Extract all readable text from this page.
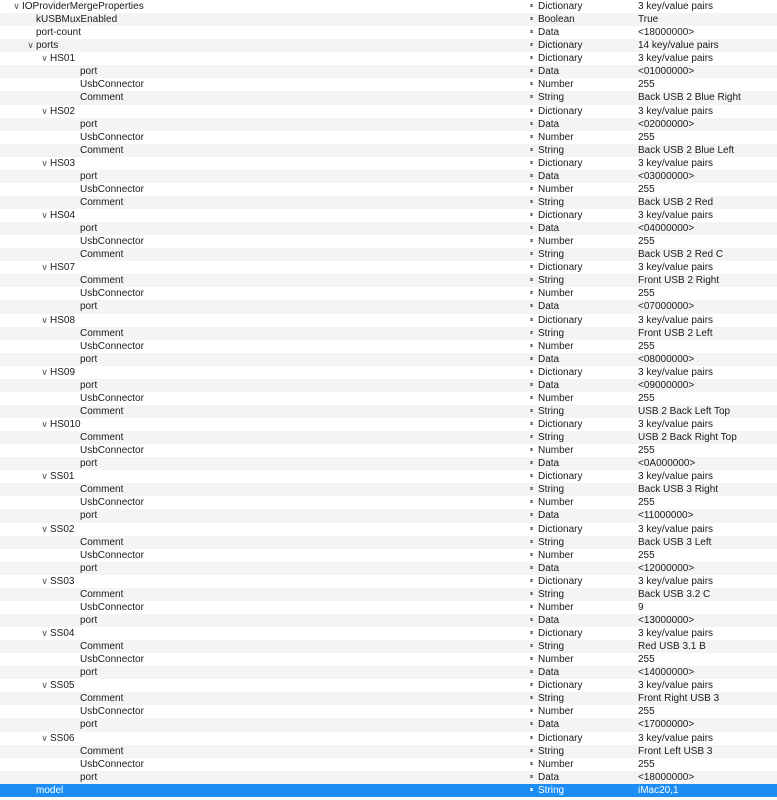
∨ IOProviderMergeProperties	▴▾ Dictionary	3 key/value pairs
kUSBMuxEnabled	▴▾ Boolean	True
port-count	▴▾ Data	<18000000>
∨ ports	▴▾ Dictionary	14 key/value pairs
∨ HS01	▴▾ Dictionary	3 key/value pairs
port	▴▾ Data	<01000000>
UsbConnector	▴▾ Number	255
Comment	▴▾ String	Back USB 2 Blue Right
∨ HS02	▴▾ Dictionary	3 key/value pairs
port	▴▾ Data	<02000000>
UsbConnector	▴▾ Number	255
Comment	▴▾ String	Back USB 2 Blue Left
∨ HS03	▴▾ Dictionary	3 key/value pairs
port	▴▾ Data	<03000000>
UsbConnector	▴▾ Number	255
Comment	▴▾ String	Back USB 2 Red
∨ HS04	▴▾ Dictionary	3 key/value pairs
port	▴▾ Data	<04000000>
UsbConnector	▴▾ Number	255
Comment	▴▾ String	Back USB 2 Red C
∨ HS07	▴▾ Dictionary	3 key/value pairs
Comment	▴▾ String	Front USB 2 Right
UsbConnector	▴▾ Number	255
port	▴▾ Data	<07000000>
∨ HS08	▴▾ Dictionary	3 key/value pairs
Comment	▴▾ String	Front USB 2 Left
UsbConnector	▴▾ Number	255
port	▴▾ Data	<08000000>
∨ HS09	▴▾ Dictionary	3 key/value pairs
port	▴▾ Data	<09000000>
UsbConnector	▴▾ Number	255
Comment	▴▾ String	USB 2 Back Left Top
∨ HS010	▴▾ Dictionary	3 key/value pairs
Comment	▴▾ String	USB 2 Back Right Top
UsbConnector	▴▾ Number	255
port	▴▾ Data	<0A000000>
∨ SS01	▴▾ Dictionary	3 key/value pairs
Comment	▴▾ String	Back USB 3 Right
UsbConnector	▴▾ Number	255
port	▴▾ Data	<11000000>
∨ SS02	▴▾ Dictionary	3 key/value pairs
Comment	▴▾ String	Back USB 3 Left
UsbConnector	▴▾ Number	255
port	▴▾ Data	<12000000>
∨ SS03	▴▾ Dictionary	3 key/value pairs
Comment	▴▾ String	Back USB 3.2 C
UsbConnector	▴▾ Number	9
port	▴▾ Data	<13000000>
∨ SS04	▴▾ Dictionary	3 key/value pairs
Comment	▴▾ String	Red USB 3.1 B
UsbConnector	▴▾ Number	255
port	▴▾ Data	<14000000>
∨ SS05	▴▾ Dictionary	3 key/value pairs
Comment	▴▾ String	Front Right USB 3
UsbConnector	▴▾ Number	255
port	▴▾ Data	<17000000>
∨ SS06	▴▾ Dictionary	3 key/value pairs
Comment	▴▾ String	Front Left USB 3
UsbConnector	▴▾ Number	255
port	▴▾ Data	<18000000>
model	▴▾ String	iMac20,1
